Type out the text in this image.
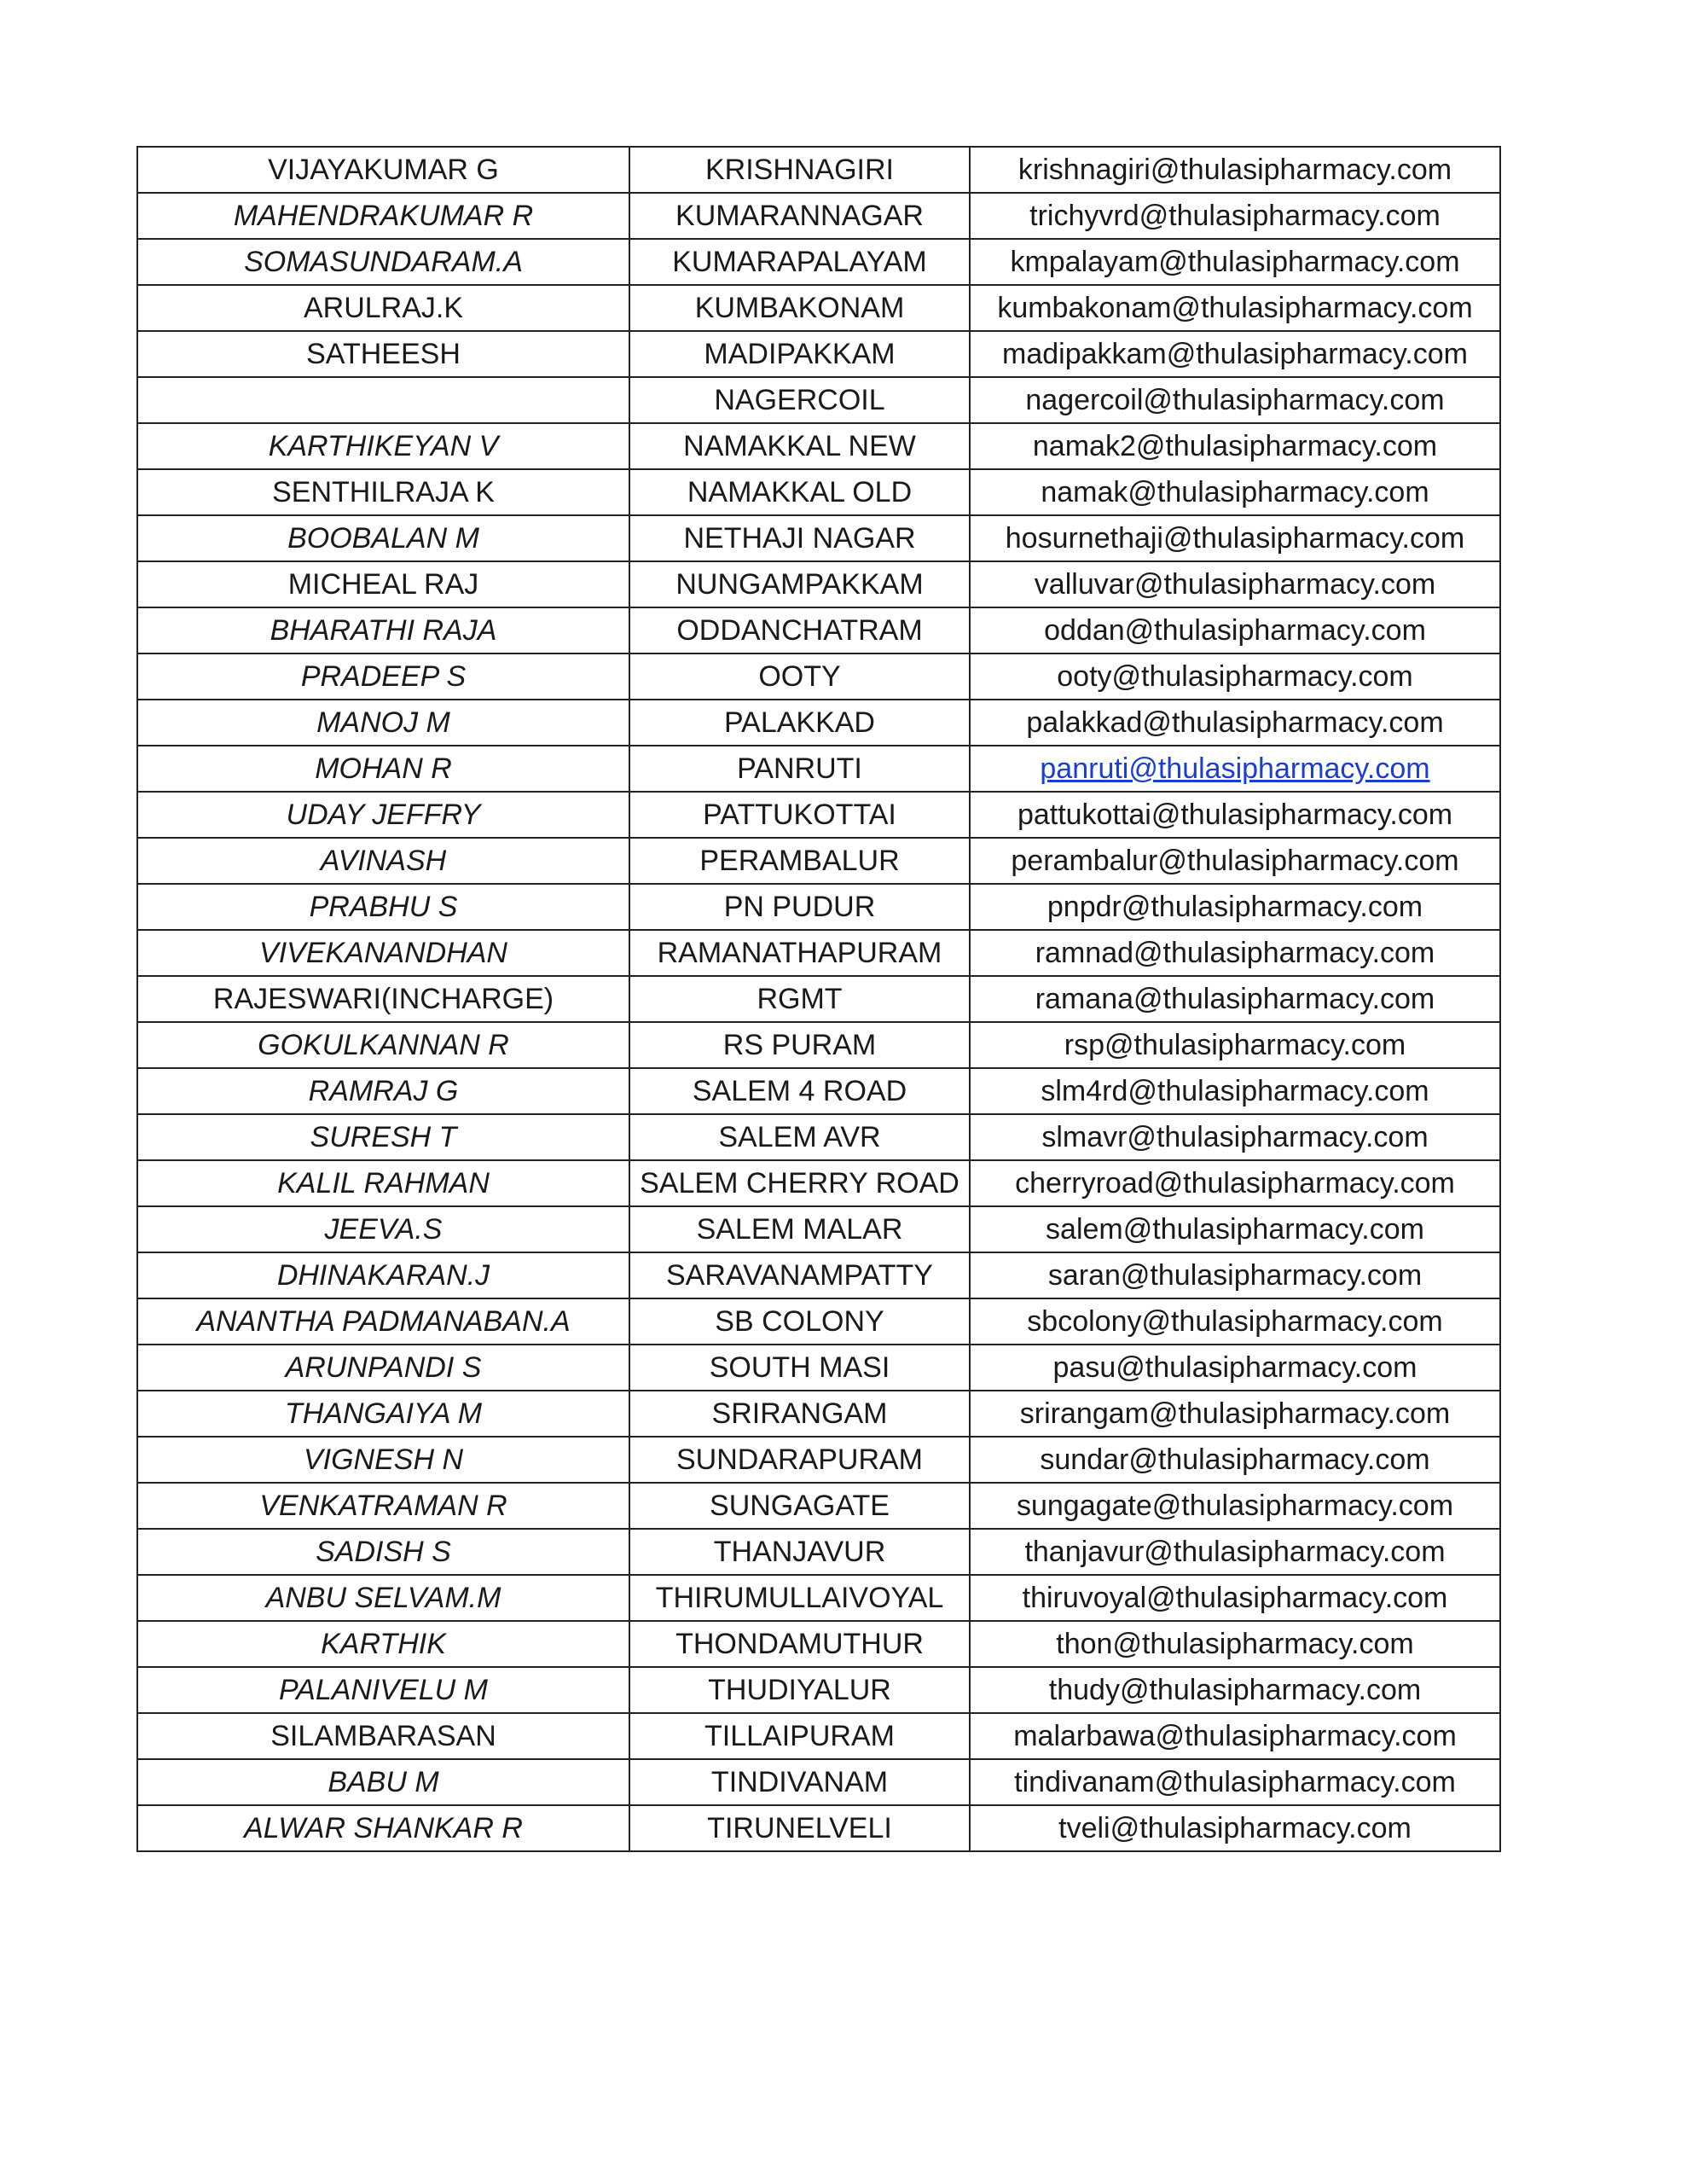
VIJAYAKUMAR G	KRISHNAGIRI	krishnagiri@thulasipharmacy.com
MAHENDRAKUMAR R	KUMARANNAGAR	trichyvrd@thulasipharmacy.com
SOMASUNDARAM.A	KUMARAPALAYAM	kmpalayam@thulasipharmacy.com
ARULRAJ.K	KUMBAKONAM	kumbakonam@thulasipharmacy.com
SATHEESH	MADIPAKKAM	madipakkam@thulasipharmacy.com
	NAGERCOIL	nagercoil@thulasipharmacy.com
KARTHIKEYAN V	NAMAKKAL NEW	namak2@thulasipharmacy.com
SENTHILRAJA K	NAMAKKAL OLD	namak@thulasipharmacy.com
BOOBALAN M	NETHAJI NAGAR	hosurnethaji@thulasipharmacy.com
MICHEAL RAJ	NUNGAMPAKKAM	valluvar@thulasipharmacy.com
BHARATHI RAJA	ODDANCHATRAM	oddan@thulasipharmacy.com
PRADEEP S	OOTY	ooty@thulasipharmacy.com
MANOJ M	PALAKKAD	palakkad@thulasipharmacy.com
MOHAN R	PANRUTI	panruti@thulasipharmacy.com
UDAY JEFFRY	PATTUKOTTAI	pattukottai@thulasipharmacy.com
AVINASH	PERAMBALUR	perambalur@thulasipharmacy.com
PRABHU S	PN PUDUR	pnpdr@thulasipharmacy.com
VIVEKANANDHAN	RAMANATHAPURAM	ramnad@thulasipharmacy.com
RAJESWARI(INCHARGE)	RGMT	ramana@thulasipharmacy.com
GOKULKANNAN R	RS PURAM	rsp@thulasipharmacy.com
RAMRAJ G	SALEM 4 ROAD	slm4rd@thulasipharmacy.com
SURESH T	SALEM AVR	slmavr@thulasipharmacy.com
KALIL RAHMAN	SALEM CHERRY ROAD	cherryroad@thulasipharmacy.com
JEEVA.S	SALEM MALAR	salem@thulasipharmacy.com
DHINAKARAN.J	SARAVANAMPATTY	saran@thulasipharmacy.com
ANANTHA PADMANABAN.A	SB COLONY	sbcolony@thulasipharmacy.com
ARUNPANDI S	SOUTH MASI	pasu@thulasipharmacy.com
THANGAIYA M	SRIRANGAM	srirangam@thulasipharmacy.com
VIGNESH N	SUNDARAPURAM	sundar@thulasipharmacy.com
VENKATRAMAN R	SUNGAGATE	sungagate@thulasipharmacy.com
SADISH S	THANJAVUR	thanjavur@thulasipharmacy.com
ANBU SELVAM.M	THIRUMULLAIVOYAL	thiruvoyal@thulasipharmacy.com
KARTHIK	THONDAMUTHUR	thon@thulasipharmacy.com
PALANIVELU M	THUDIYALUR	thudy@thulasipharmacy.com
SILAMBARASAN	TILLAIPURAM	malarbawa@thulasipharmacy.com
BABU M	TINDIVANAM	tindivanam@thulasipharmacy.com
ALWAR SHANKAR R	TIRUNELVELI	tveli@thulasipharmacy.com
